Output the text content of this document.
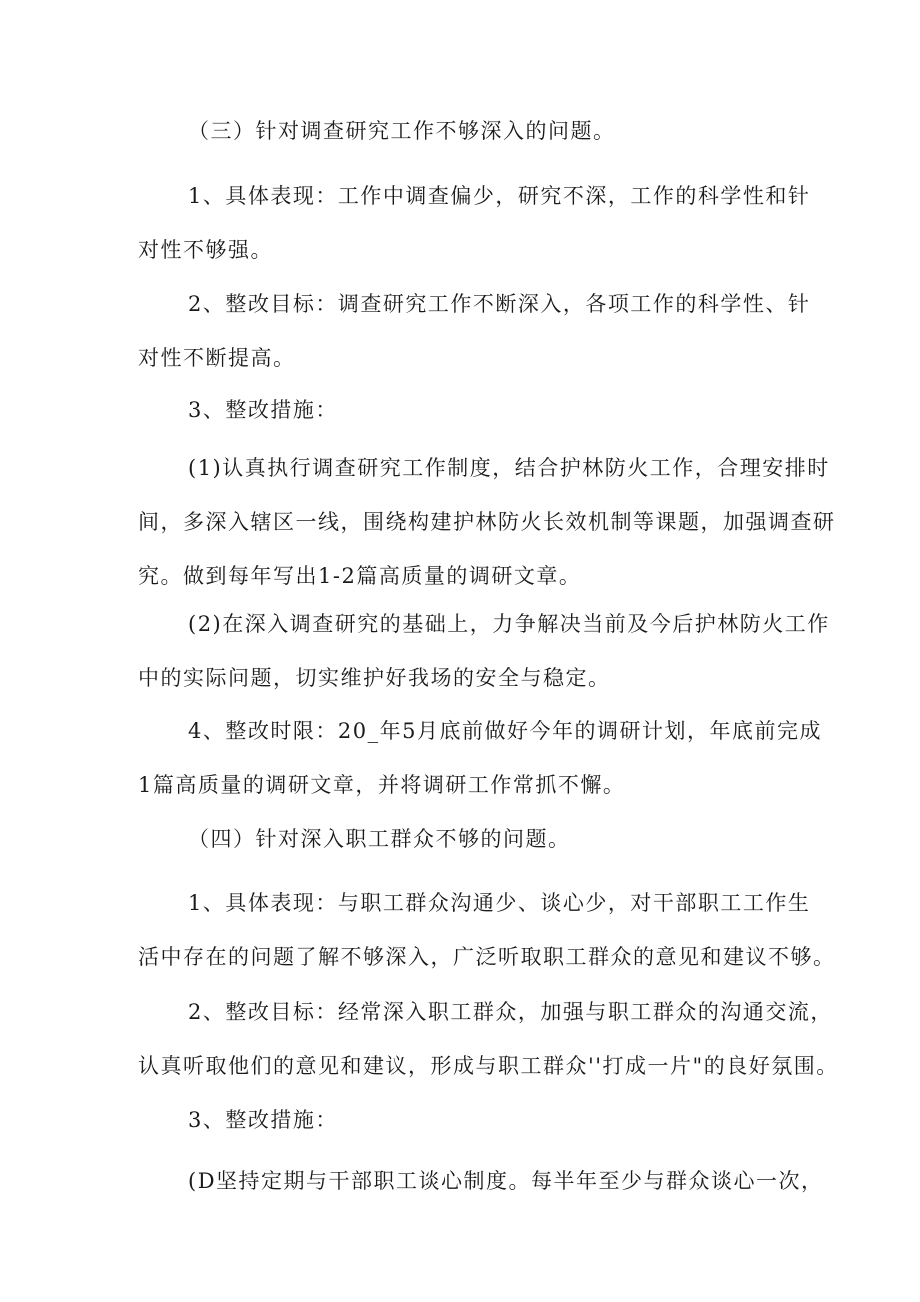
（三）针对调查研究工作不够深入的问题。
1、具体表现：工作中调查偏少，研究不深，工作的科学性和针
对性不够强。
2、整改目标：调查研究工作不断深入，各项工作的科学性、针
对性不断提高。
3、整改措施：
(1)认真执行调查研究工作制度，结合护林防火工作，合理安排时
间，多深入辖区一线，围绕构建护林防火长效机制等课题，加强调查研
究。做到每年写出1-2篇高质量的调研文章。
(2)在深入调查研究的基础上，力争解决当前及今后护林防火工作
中的实际问题，切实维护好我场的安全与稳定。
4、整改时限：20_年5月底前做好今年的调研计划，年底前完成
1篇高质量的调研文章，并将调研工作常抓不懈。
（四）针对深入职工群众不够的问题。
1、具体表现：与职工群众沟通少、谈心少，对干部职工工作生
活中存在的问题了解不够深入，广泛听取职工群众的意见和建议不够。
2、整改目标：经常深入职工群众，加强与职工群众的沟通交流，
认真听取他们的意见和建议，形成与职工群众''打成一片"的良好氛围。
3、整改措施：
(D坚持定期与干部职工谈心制度。每半年至少与群众谈心一次，
